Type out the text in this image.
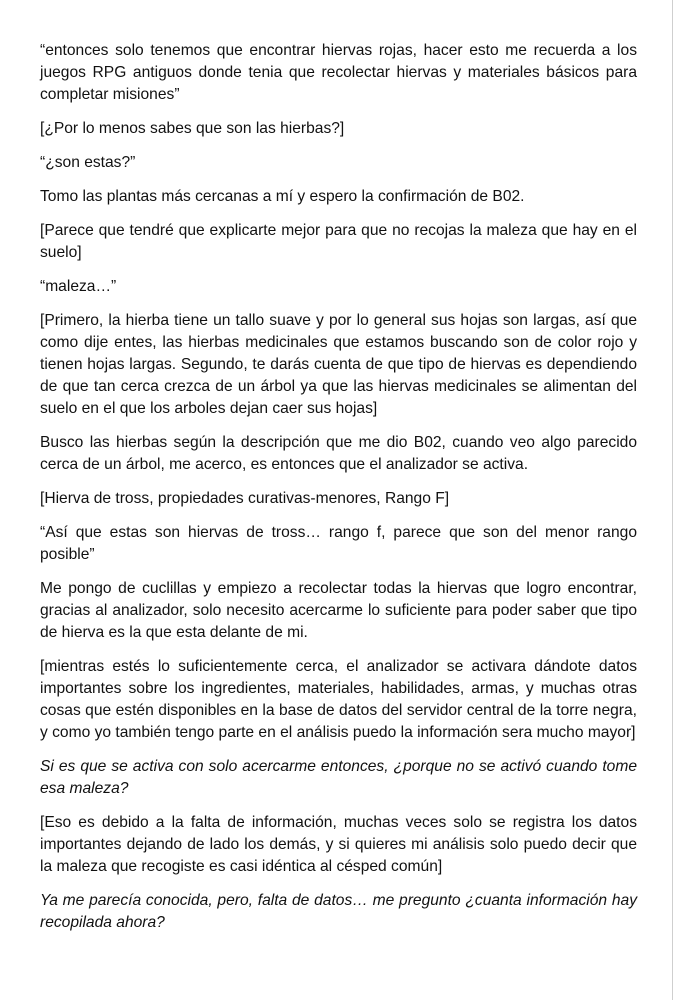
“entonces solo tenemos que encontrar hiervas rojas, hacer esto me recuerda a los juegos RPG antiguos donde tenia que recolectar hiervas y materiales básicos para completar misiones”

[¿Por lo menos sabes que son las hierbas?]

“¿son estas?”

Tomo las plantas más cercanas a mí y espero la confirmación de B02.

[Parece que tendré que explicarte mejor para que no recojas la maleza que hay en el suelo]

“maleza…”

[Primero, la hierba tiene un tallo suave y por lo general sus hojas son largas, así que como dije entes, las hierbas medicinales que estamos buscando son de color rojo y tienen hojas largas. Segundo, te darás cuenta de que tipo de hiervas es dependiendo de que tan cerca crezca de un árbol ya que las hiervas medicinales se alimentan del suelo en el que los arboles dejan caer sus hojas]

Busco las hierbas según la descripción que me dio B02, cuando veo algo parecido cerca de un árbol, me acerco, es entonces que el analizador se activa.

[Hierva de tross, propiedades curativas-menores, Rango F]

“Así que estas son hiervas de tross… rango f, parece que son del menor rango posible”

Me pongo de cuclillas y empiezo a recolectar todas la hiervas que logro encontrar, gracias al analizador, solo necesito acercarme lo suficiente para poder saber que tipo de hierva es la que esta delante de mi.

[mientras estés lo suficientemente cerca, el analizador se activara dándote datos importantes sobre los ingredientes, materiales, habilidades, armas, y muchas otras cosas que estén disponibles en la base de datos del servidor central de la torre negra, y como yo también tengo parte en el análisis puedo la información sera mucho mayor]

Si es que se activa con solo acercarme entonces, ¿porque no se activó cuando tome esa maleza?

[Eso es debido a la falta de información, muchas veces solo se registra los datos importantes dejando de lado los demás, y si quieres mi análisis solo puedo decir que la maleza que recogiste es casi idéntica al césped común]

Ya me parecía conocida, pero, falta de datos… me pregunto ¿cuanta información hay recopilada ahora?
